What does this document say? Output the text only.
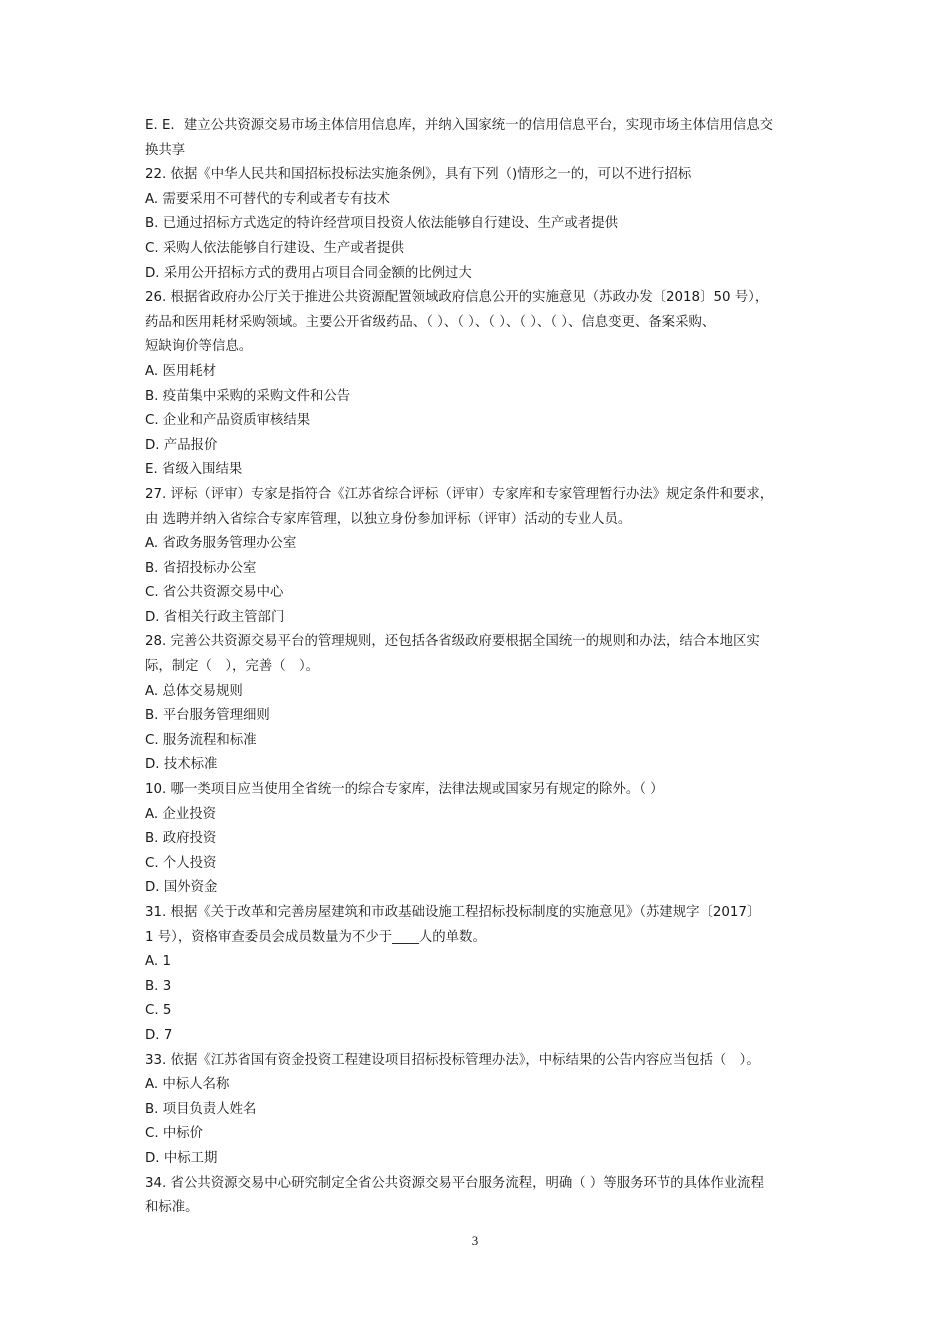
E. E．建立公共资源交易市场主体信用信息库，并纳入国家统一的信用信息平台，实现市场主体信用信息交
换共享
22. 依据《中华人民共和国招标投标法实施条例》，具有下列（)情形之一的，可以不进行招标
A. 需要采用不可替代的专利或者专有技术
B. 已通过招标方式选定的特许经营项目投资人依法能够自行建设、生产或者提供
C. 采购人依法能够自行建设、生产或者提供
D. 采用公开招标方式的费用占项目合同金额的比例过大
26. 根据省政府办公厅关于推进公共资源配置领域政府信息公开的实施意见（苏政办发〔2018〕50 号），
药品和医用耗材采购领域。主要公开省级药品、（ ）、（ ）、（ ）、（ ）、（ ）、信息变更、备案采购、
短缺询价等信息。
A. 医用耗材
B. 疫苗集中采购的采购文件和公告
C. 企业和产品资质审核结果
D. 产品报价
E. 省级入围结果
27. 评标（评审）专家是指符合《江苏省综合评标（评审）专家库和专家管理暂行办法》规定条件和要求，
由 选聘并纳入省综合专家库管理，以独立身份参加评标（评审）活动的专业人员。
A. 省政务服务管理办公室
B. 省招投标办公室
C. 省公共资源交易中心
D. 省相关行政主管部门
28. 完善公共资源交易平台的管理规则，还包括各省级政府要根据全国统一的规则和办法，结合本地区实
际，制定（　），完善（　）。
A. 总体交易规则
B. 平台服务管理细则
C. 服务流程和标准
D. 技术标准
10. 哪一类项目应当使用全省统一的综合专家库，法律法规或国家另有规定的除外。（ ）
A. 企业投资
B. 政府投资
C. 个人投资
D. 国外资金
31. 根据《关于改革和完善房屋建筑和市政基础设施工程招标投标制度的实施意见》（苏建规字〔2017〕
1 号），资格审查委员会成员数量为不少于____人的单数。
A. 1
B. 3
C. 5
D. 7
33. 依据《江苏省国有资金投资工程建设项目招标投标管理办法》，中标结果的公告内容应当包括（　）。
A. 中标人名称
B. 项目负责人姓名
C. 中标价
D. 中标工期
34. 省公共资源交易中心研究制定全省公共资源交易平台服务流程，明确（ ）等服务环节的具体作业流程
和标准。
3
